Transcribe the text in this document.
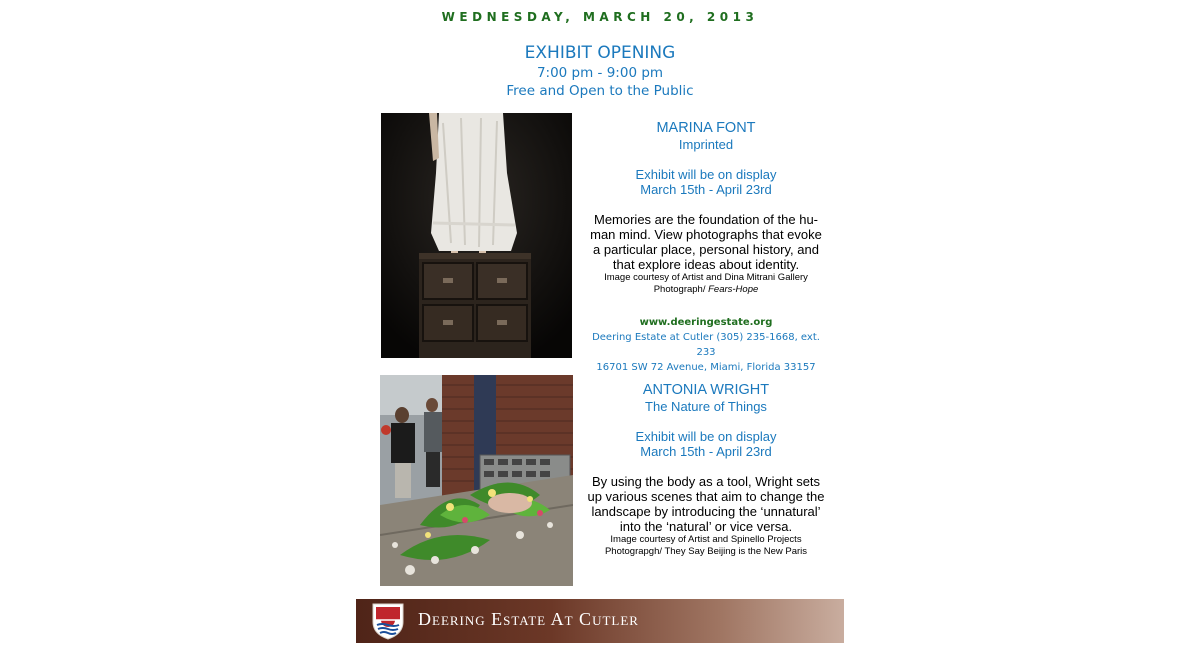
WEDNESDAY, MARCH 20, 2013
EXHIBIT OPENING
7:00 pm - 9:00 pm
Free and Open to the Public
MARINA FONT
Imprinted
Exhibit will be on display
March 15th - April 23rd
Memories are the foundation of the hu-
man mind. View photographs that evoke
a particular place, personal history, and
that explore ideas about identity.
Image courtesy of Artist and Dina Mitrani Gallery
Photograph/ Fears-Hope
www.deeringestate.org
Deering Estate at Cutler (305) 235-1668, ext. 233
16701 SW 72 Avenue, Miami, Florida 33157
ANTONIA WRIGHT
The Nature of Things
Exhibit will be on display
March 15th - April 23rd
By using the body as a tool, Wright sets
up various scenes that aim to change the
landscape by introducing the ‘unnatural’
into the ‘natural’ or vice versa.
Image courtesy of Artist and Spinello Projects
Photograpgh/ They Say Beijing is the New Paris
Deering Estate At Cutler
